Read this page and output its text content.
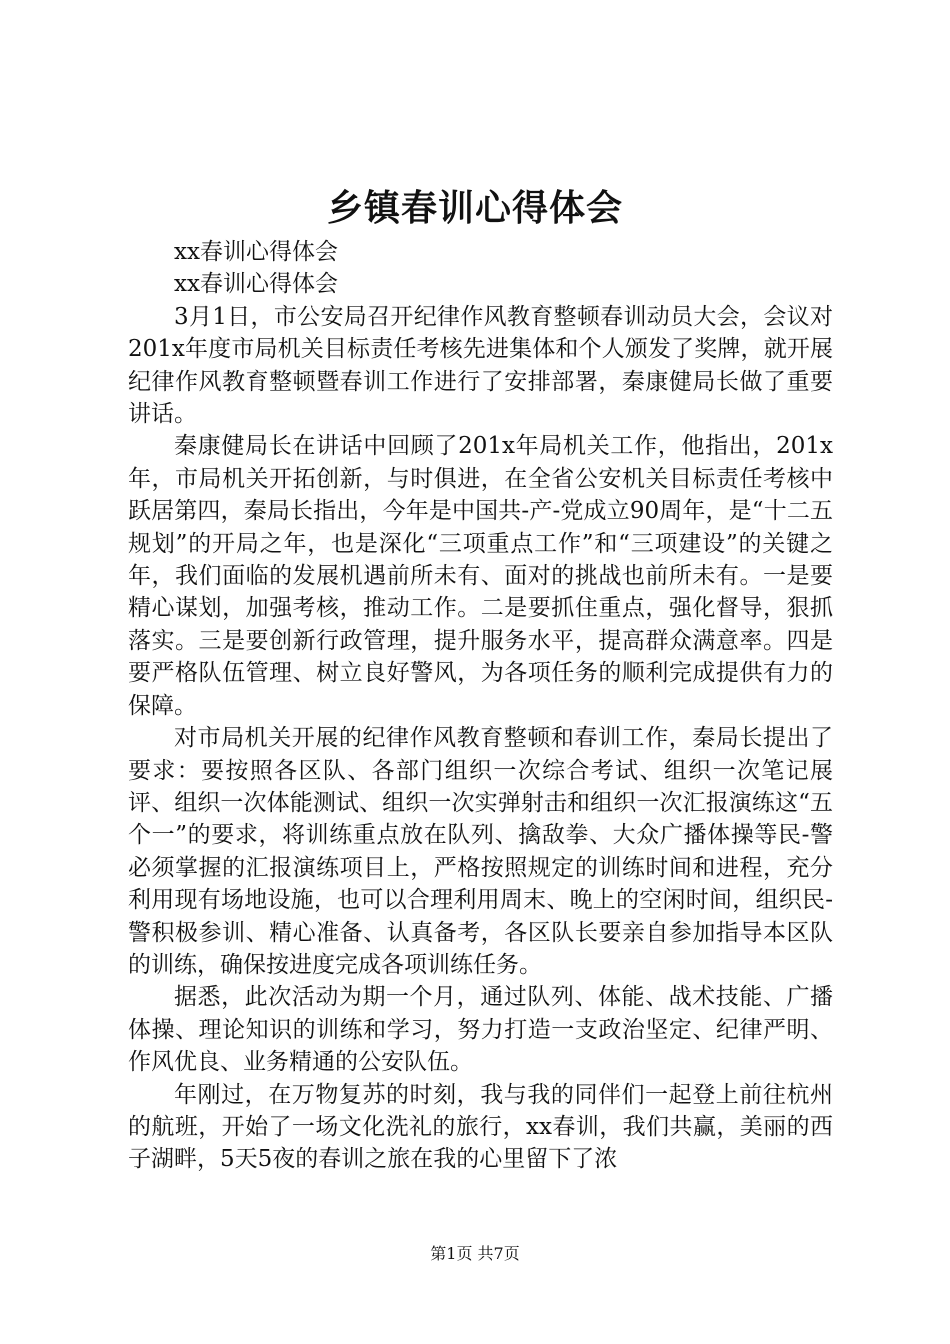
乡镇春训心得体会

xx春训心得体会

xx春训心得体会

3月1日，市公安局召开纪律作风教育整顿春训动员大会，会议对201x年度市局机关目标责任考核先进集体和个人颁发了奖牌，就开展纪律作风教育整顿暨春训工作进行了安排部署，秦康健局长做了重要讲话。

秦康健局长在讲话中回顾了201x年局机关工作，他指出，201x年，市局机关开拓创新，与时俱进，在全省公安机关目标责任考核中跃居第四，秦局长指出，今年是中国共-产-党成立90周年，是“十二五规划”的开局之年，也是深化“三项重点工作”和“三项建设”的关键之年，我们面临的发展机遇前所未有、面对的挑战也前所未有。一是要精心谋划，加强考核，推动工作。二是要抓住重点，强化督导，狠抓落实。三是要创新行政管理，提升服务水平，提高群众满意率。四是要严格队伍管理、树立良好警风，为各项任务的顺利完成提供有力的保障。

对市局机关开展的纪律作风教育整顿和春训工作，秦局长提出了要求：要按照各区队、各部门组织一次综合考试、组织一次笔记展评、组织一次体能测试、组织一次实弹射击和组织一次汇报演练这“五个一”的要求，将训练重点放在队列、擒敌拳、大众广播体操等民-警必须掌握的汇报演练项目上，严格按照规定的训练时间和进程，充分利用现有场地设施，也可以合理利用周末、晚上的空闲时间，组织民-警积极参训、精心准备、认真备考，各区队长要亲自参加指导本区队的训练，确保按进度完成各项训练任务。

据悉，此次活动为期一个月，通过队列、体能、战术技能、广播体操、理论知识的训练和学习，努力打造一支政治坚定、纪律严明、作风优良、业务精通的公安队伍。

年刚过，在万物复苏的时刻，我与我的同伴们一起登上前往杭州的航班，开始了一场文化洗礼的旅行，xx春训，我们共赢，美丽的西子湖畔，5天5夜的春训之旅在我的心里留下了浓

第1页 共7页
